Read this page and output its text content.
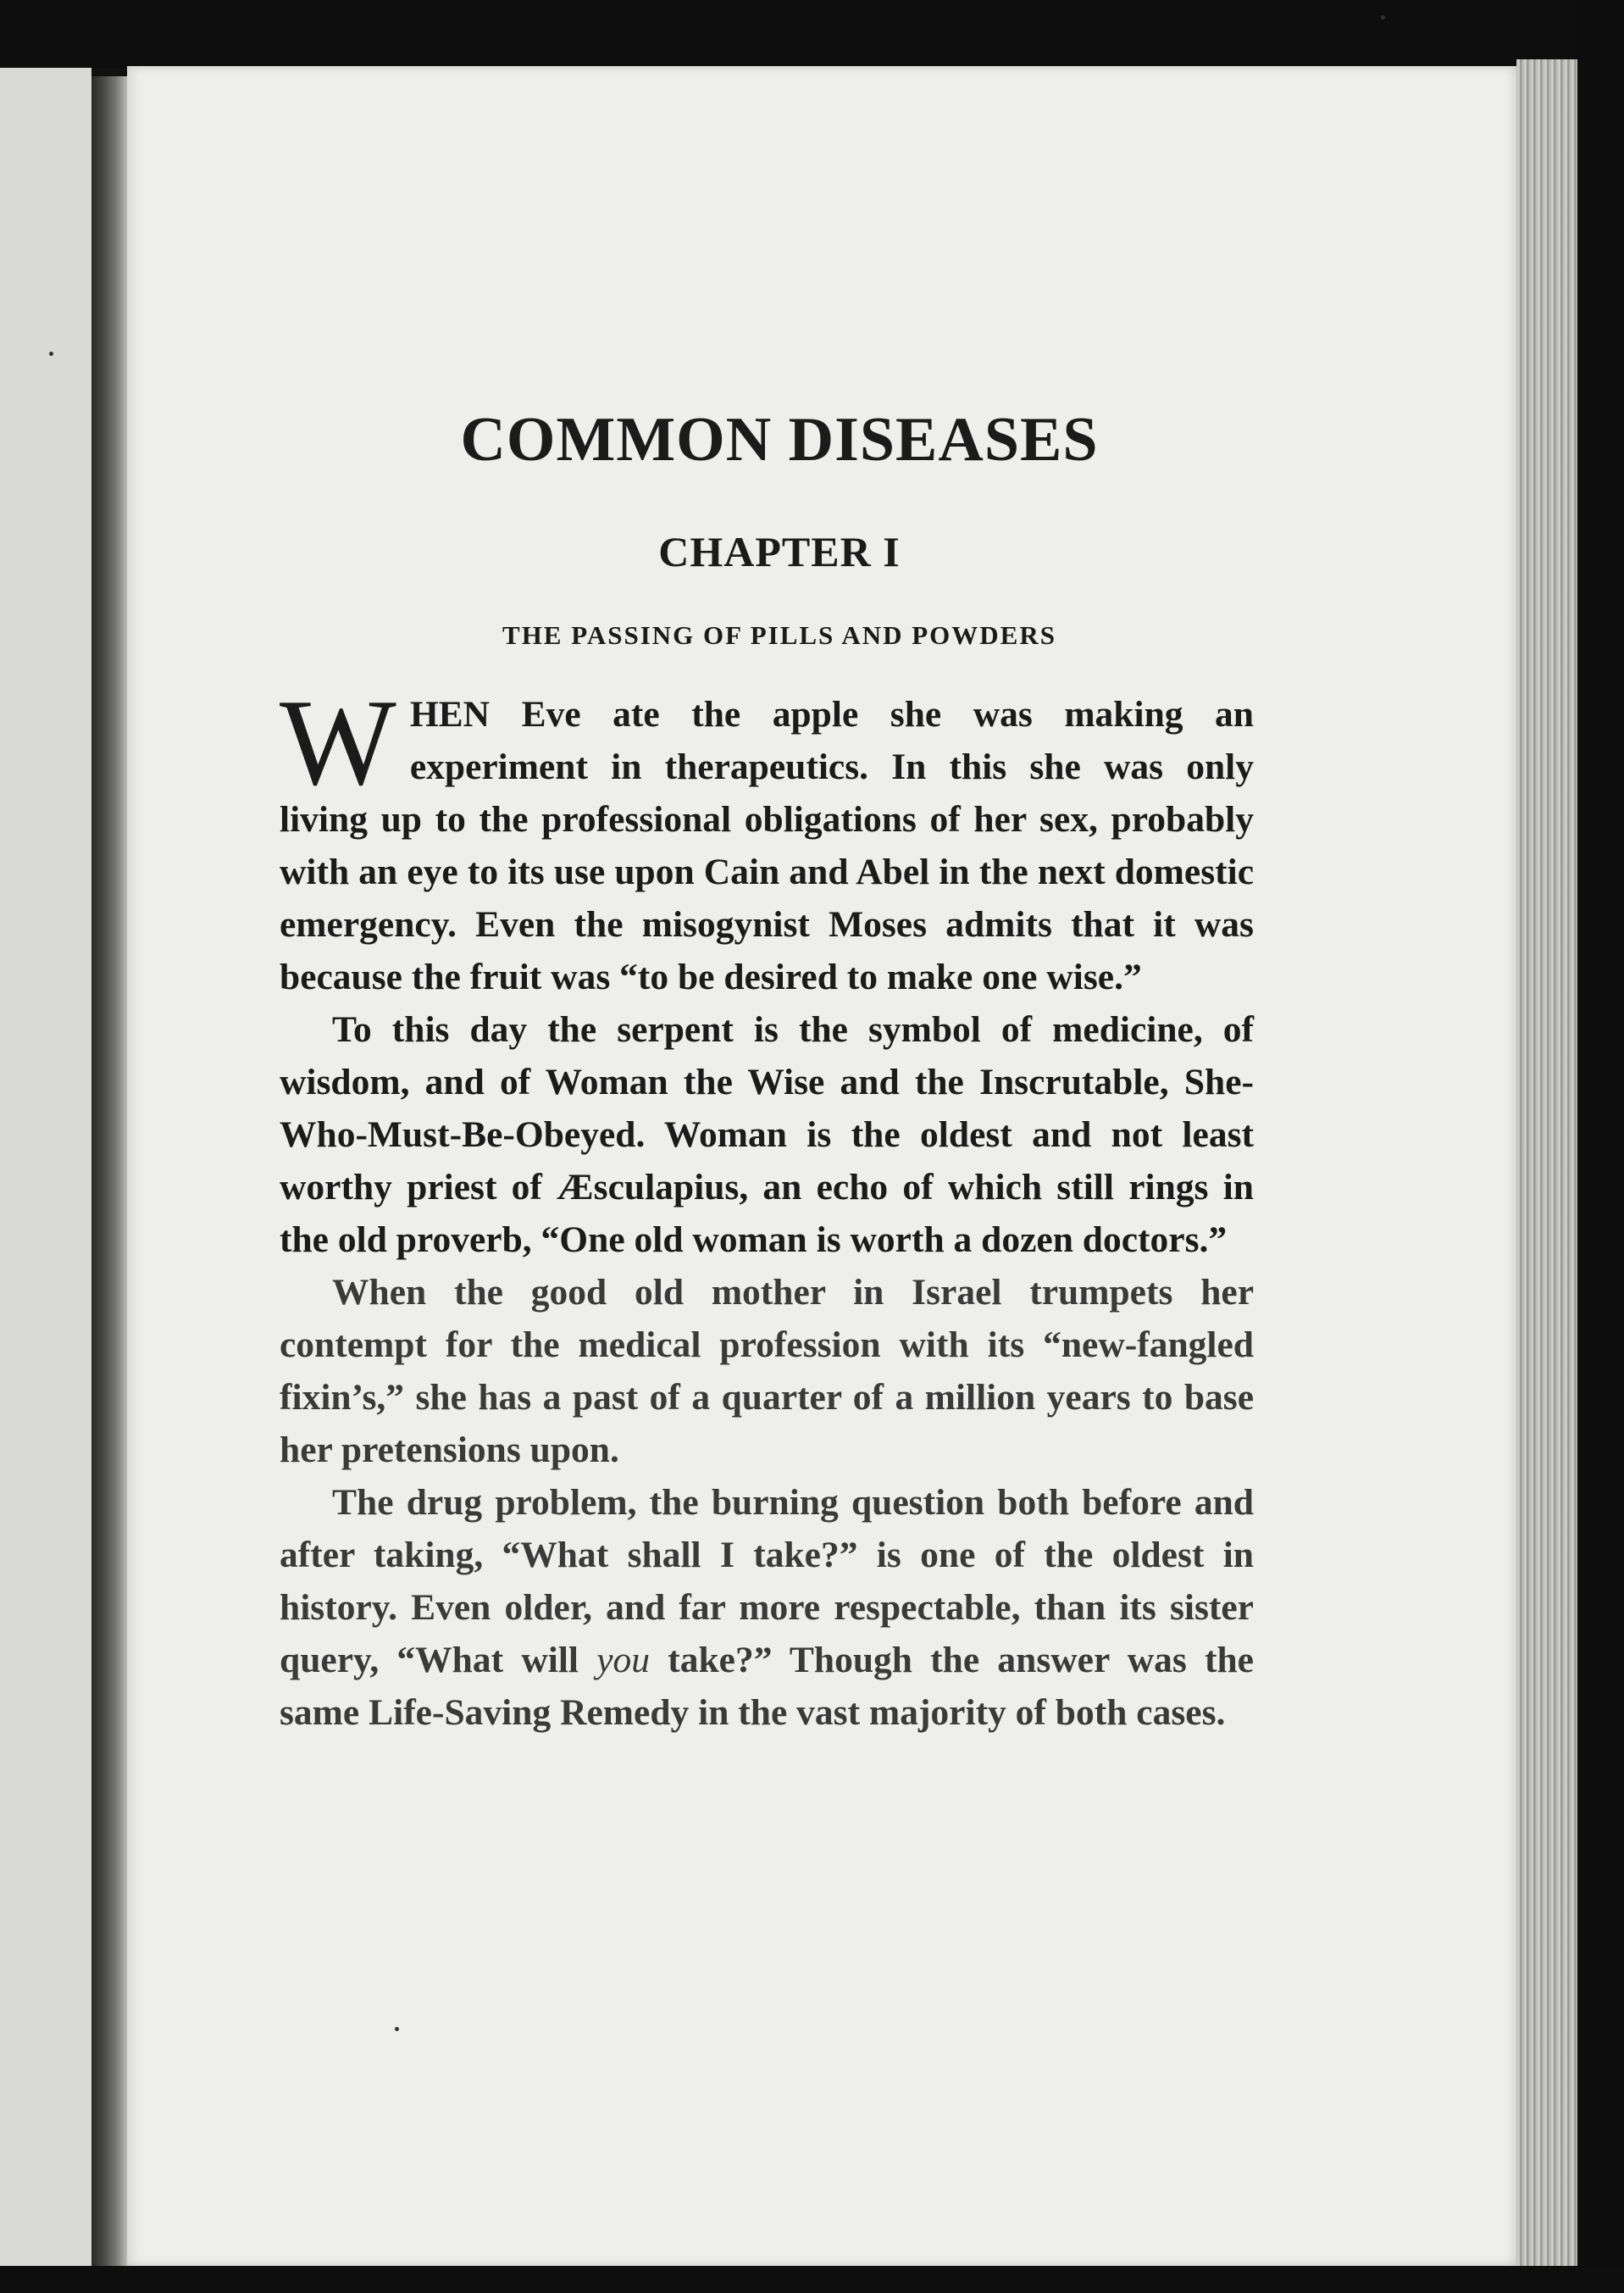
COMMON DISEASES
CHAPTER I
THE PASSING OF PILLS AND POWDERS

WHEN Eve ate the apple she was making an experiment in therapeutics. In this she was only living up to the professional obligations of her sex, probably with an eye to its use upon Cain and Abel in the next domestic emergency. Even the misogynist Moses admits that it was because the fruit was “to be desired to make one wise.”

To this day the serpent is the symbol of medicine, of wisdom, and of Woman the Wise and the Inscrutable, She-Who-Must-Be-Obeyed. Woman is the oldest and not least worthy priest of Æsculapius, an echo of which still rings in the old proverb, “One old woman is worth a dozen doctors.”

When the good old mother in Israel trumpets her contempt for the medical profession with its “new-fangled fixin’s,” she has a past of a quarter of a million years to base her pretensions upon.

The drug problem, the burning question both before and after taking, “What shall I take?” is one of the oldest in history. Even older, and far more respectable, than its sister query, “What will you take?” Though the answer was the same Life-Saving Remedy in the vast majority of both cases.
